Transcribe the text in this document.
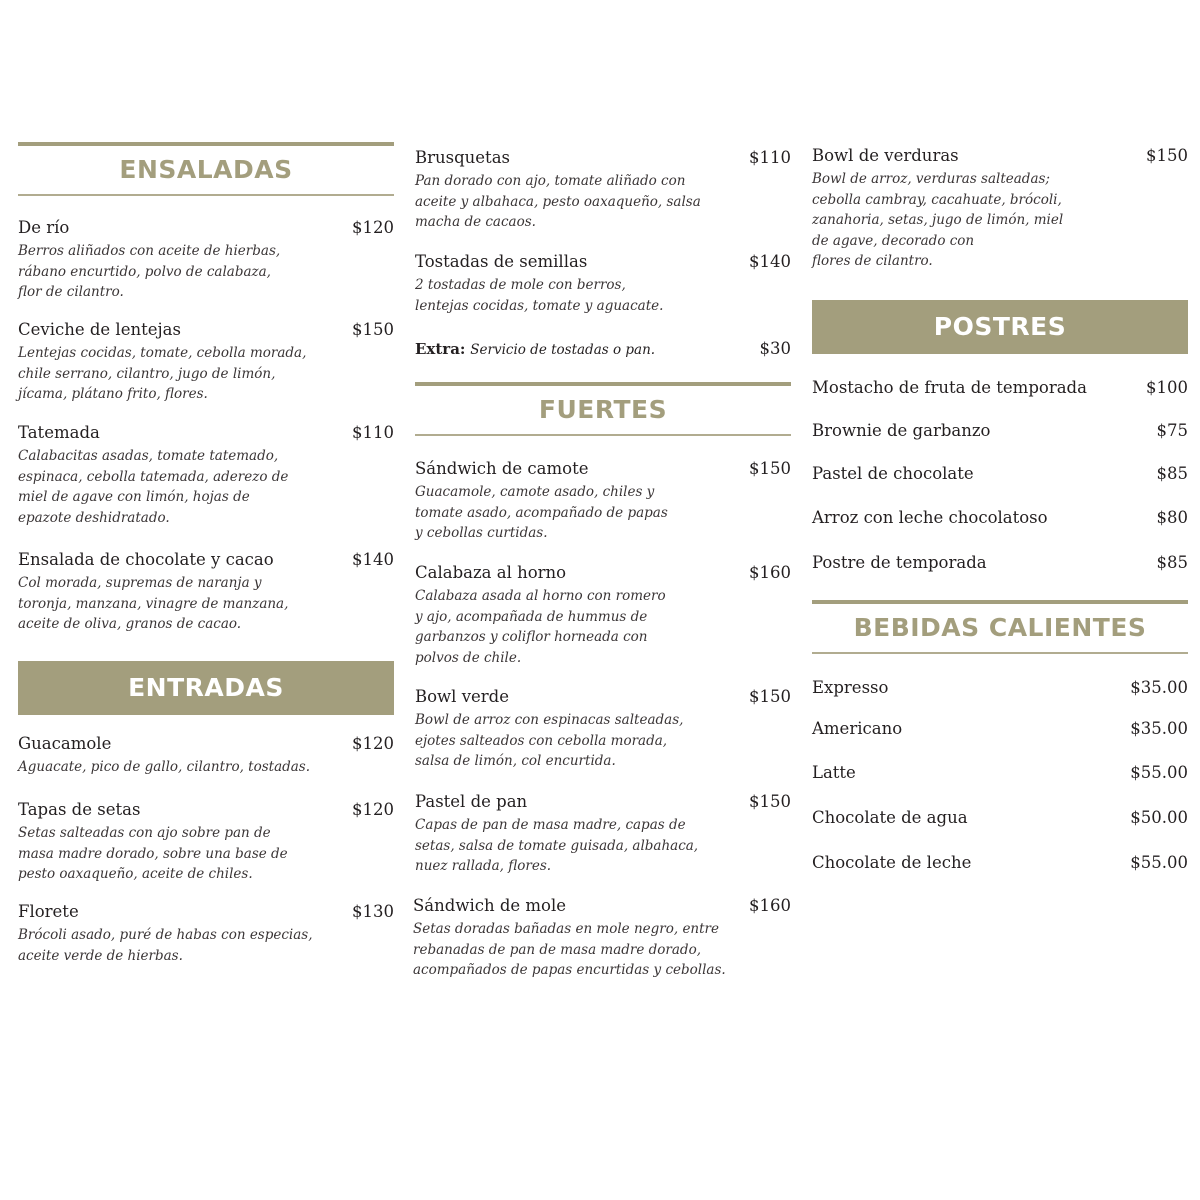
ENSALADAS
De río	$120
Berros aliñados con aceite de hierbas,
rábano encurtido, polvo de calabaza,
flor de cilantro.
Ceviche de lentejas	$150
Lentejas cocidas, tomate, cebolla morada,
chile serrano, cilantro, jugo de limón,
jícama, plátano frito, flores.
Tatemada	$110
Calabacitas asadas, tomate tatemado,
espinaca, cebolla tatemada, aderezo de
miel de agave con limón, hojas de
epazote deshidratado.
Ensalada de chocolate y cacao	$140
Col morada, supremas de naranja y
toronja, manzana, vinagre de manzana,
aceite de oliva, granos de cacao.
ENTRADAS
Guacamole	$120
Aguacate, pico de gallo, cilantro, tostadas.
Tapas de setas	$120
Setas salteadas con ajo sobre pan de
masa madre dorado, sobre una base de
pesto oaxaqueño, aceite de chiles.
Florete	$130
Brócoli asado, puré de habas con especias,
aceite verde de hierbas.
Brusquetas	$110
Pan dorado con ajo, tomate aliñado con
aceite y albahaca, pesto oaxaqueño, salsa
macha de cacaos.
Tostadas de semillas	$140
2 tostadas de mole con berros,
lentejas cocidas, tomate y aguacate.
Extra: Servicio de tostadas o pan.	$30
FUERTES
Sándwich de camote	$150
Guacamole, camote asado, chiles y
tomate asado, acompañado de papas
y cebollas curtidas.
Calabaza al horno	$160
Calabaza asada al horno con romero
y ajo, acompañada de hummus de
garbanzos y coliflor horneada con
polvos de chile.
Bowl verde	$150
Bowl de arroz con espinacas salteadas,
ejotes salteados con cebolla morada,
salsa de limón, col encurtida.
Pastel de pan	$150
Capas de pan de masa madre, capas de
setas, salsa de tomate guisada, albahaca,
nuez rallada, flores.
Sándwich de mole	$160
Setas doradas bañadas en mole negro, entre
rebanadas de pan de masa madre dorado,
acompañados de papas encurtidas y cebollas.
Bowl de verduras	$150
Bowl de arroz, verduras salteadas;
cebolla cambray, cacahuate, brócoli,
zanahoria, setas, jugo de limón, miel
de agave, decorado con
flores de cilantro.
POSTRES
Mostacho de fruta de temporada	$100
Brownie de garbanzo	$75
Pastel de chocolate	$85
Arroz con leche chocolatoso	$80
Postre de temporada	$85
BEBIDAS CALIENTES
Expresso	$35.00
Americano	$35.00
Latte	$55.00
Chocolate de agua	$50.00
Chocolate de leche	$55.00
